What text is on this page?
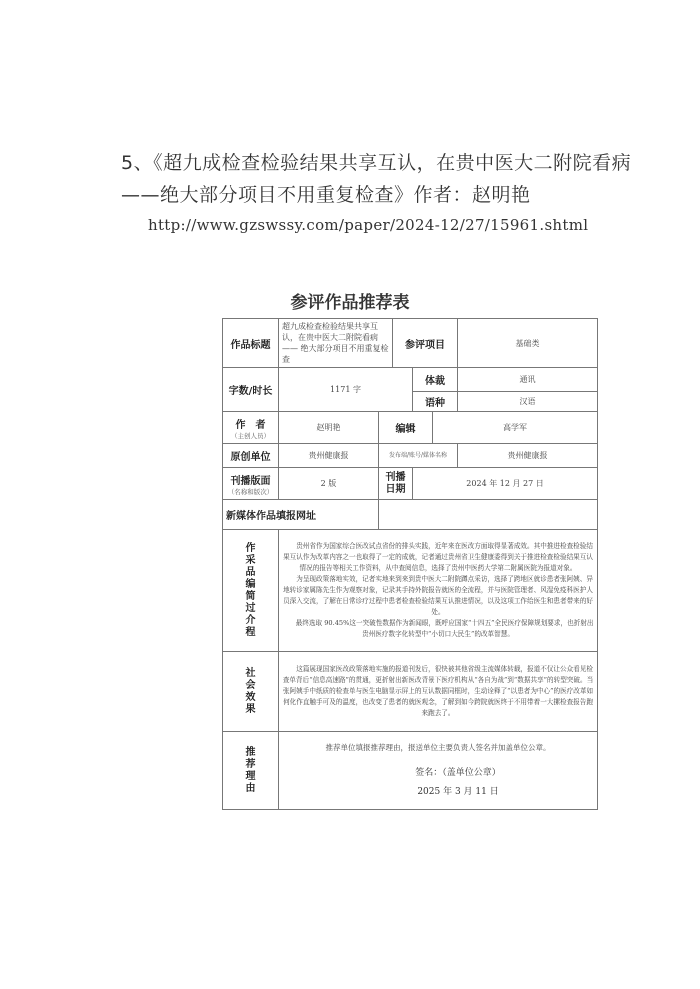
5、《超九成检查检验结果共享互认，在贵中医大二附院看病——绝大部分项目不用重复检查》作者：赵明艳
http://www.gzswssy.com/paper/2024-12/27/15961.shtml
参评作品推荐表
作品标题	超九成检查检验结果共享互认，在贵中医大二附院看病—— 绝大部分项目不用重复检查		参评项目			基础类
字数/时长	1171 字			体裁		通讯
				语种		汉语
作　者
（主创人员）	赵明艳	编辑			高学军	
原创单位	贵州健康报	发布端/账号/媒体名称				贵州健康报
刊播版面
（名称和版次）	2 版	刊播日期		2024 年 12 月 27 日		
新媒体作品填报网址						

作采品编简过介程	贵州省作为国家综合医改试点省份的排头实践，近年来在医改方面取得显著成效。其中推进检查检验结果互认作为改革内容之一也取得了一定的成就，记者通过贵州省卫生健康委得到关于推进检查检验结果互认情况的报告等相关工作资料，从中查阅信息，选择了贵州中医药大学第二附属医院为报道对象。

为呈现政策落地实效，记者实地来到来到贵中医大二附院蹲点采访，选择了跨地区就诊患者张阿姨、异地转诊家属陈先生作为观察对象，记录其手持外院报告就医的全流程，并与医院管理者、风湿免疫科医护人员深入交流，了解在日常诊疗过程中患者检查检验结果互认推进情况，以及这项工作给医生和患者带来的好处。

最终选取 90.45%这一突破性数据作为新闻眼，既呼应国家“十四五”全民医疗保障规划要求，也折射出贵州医疗数字化转型中“小切口大民生”的改革智慧。					

社会效果	这篇展现国家医改政策落地实施的报道刊发后，很快被其他省级主流媒体转载，报道不仅让公众看见检查单背后“信息高速路”的贯通，更折射出新医改背景下医疗机构从“各自为战”到“数据共享”的转型突破。当张阿姨手中纸质的检查单与医生电脑显示屏上的互认数据同框时，生动诠释了“以患者为中心”的医疗改革如何化作直触手可及的温度，也改变了患者的就医观念，了解到如今跨院就医终于不用带着一大摞检查报告跑来跑去了。					

推荐理由	推荐单位填报推荐理由，报送单位主要负责人签名并加盖单位公章。
签名：（盖单位公章）
2025 年 3 月 11 日					
